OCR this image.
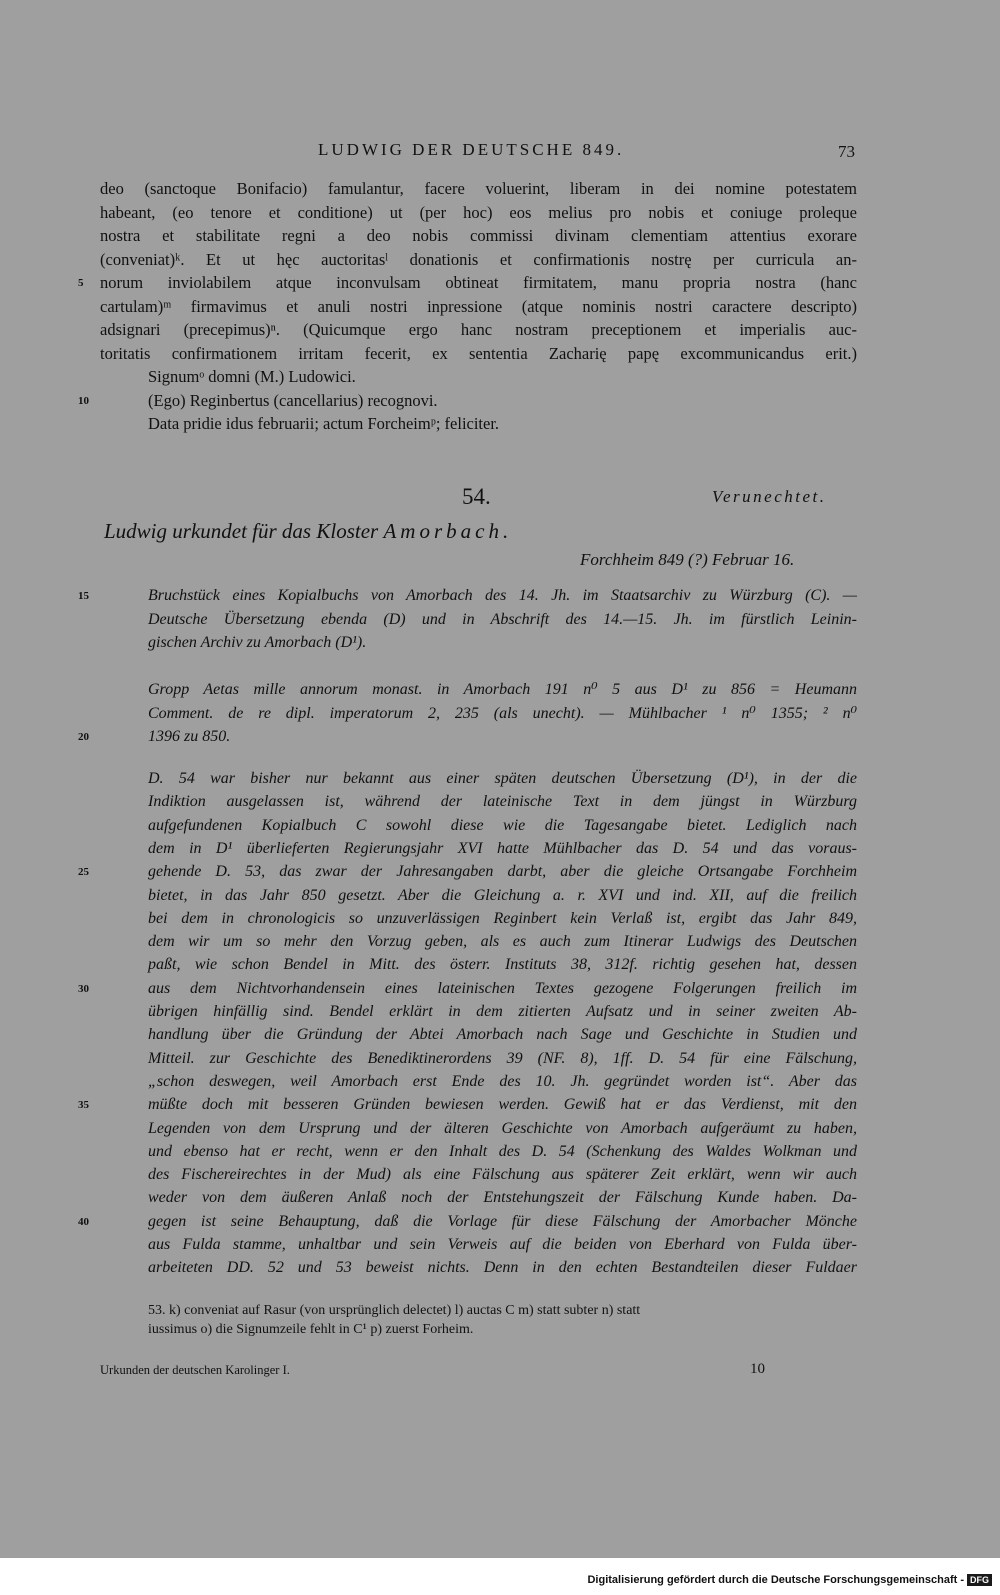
LUDWIG DER DEUTSCHE 849.	73
deo (sanctoque Bonifacio) famulantur, facere voluerint, liberam in dei nomine potestatem
habeant, (eo tenore et conditione) ut (per hoc) eos melius pro nobis et coniuge proleque
nostra et stabilitate regni a deo nobis commissi divinam clementiam attentius exorare
(conveniat)ᵏ. Et ut hęc auctoritasˡ donationis et confirmationis nostrę per curricula an-
norum inviolabilem atque inconvulsam obtineat firmitatem, manu propria nostra (hanc
5
cartulam)ᵐ firmavimus et anuli nostri inpressione (atque nominis nostri caractere descripto)
adsignari (precepimus)ⁿ. (Quicumque ergo hanc nostram preceptionem et imperialis auc-
toritatis confirmationem irritam fecerit, ex sententia Zacharię papę excommunicandus erit.)
Signumᵒ domni (M.) Ludowici.
(Ego) Reginbertus (cancellarius) recognovi.
10
Data pridie idus februarii; actum Forcheimᵖ; feliciter.
54.	Verunechtet.
Ludwig urkundet für das Kloster Amorbach.
Forchheim 849 (?) Februar 16.
Bruchstück eines Kopialbuchs von Amorbach des 14. Jh. im Staatsarchiv zu Würzburg (C). —
15
Deutsche Übersetzung ebenda (D) und in Abschrift des 14.—15. Jh. im fürstlich Leinin-
gischen Archiv zu Amorbach (D¹).
Gropp Aetas mille annorum monast. in Amorbach 191 n⁰ 5 aus D¹ zu 856 = Heumann
Comment. de re dipl. imperatorum 2, 235 (als unecht). — Mühlbacher ¹ n⁰ 1355; ² n⁰
1396 zu 850.
20
D. 54 war bisher nur bekannt aus einer späten deutschen Übersetzung (D¹), in der die
Indiktion ausgelassen ist, während der lateinische Text in dem jüngst in Würzburg
aufgefundenen Kopialbuch C sowohl diese wie die Tagesangabe bietet. Lediglich nach
dem in D¹ überlieferten Regierungsjahr XVI hatte Mühlbacher das D. 54 und das voraus-
gehende D. 53, das zwar der Jahresangaben darbt, aber die gleiche Ortsangabe Forchheim
25
bietet, in das Jahr 850 gesetzt. Aber die Gleichung a. r. XVI und ind. XII, auf die freilich
bei dem in chronologicis so unzuverlässigen Reginbert kein Verlaß ist, ergibt das Jahr 849,
dem wir um so mehr den Vorzug geben, als es auch zum Itinerar Ludwigs des Deutschen
paßt, wie schon Bendel in Mitt. des österr. Instituts 38, 312f. richtig gesehen hat, dessen
aus dem Nichtvorhandensein eines lateinischen Textes gezogene Folgerungen freilich im
30
übrigen hinfällig sind. Bendel erklärt in dem zitierten Aufsatz und in seiner zweiten Ab-
handlung über die Gründung der Abtei Amorbach nach Sage und Geschichte in Studien und
Mitteil. zur Geschichte des Benediktinerordens 39 (NF. 8), 1ff. D. 54 für eine Fälschung,
„schon deswegen, weil Amorbach erst Ende des 10. Jh. gegründet worden ist“. Aber das
müßte doch mit besseren Gründen bewiesen werden. Gewiß hat er das Verdienst, mit den
35
Legenden von dem Ursprung und der älteren Geschichte von Amorbach aufgeräumt zu haben,
und ebenso hat er recht, wenn er den Inhalt des D. 54 (Schenkung des Waldes Wolkman und
des Fischereirechtes in der Mud) als eine Fälschung aus späterer Zeit erklärt, wenn wir auch
weder von dem äußeren Anlaß noch der Entstehungszeit der Fälschung Kunde haben. Da-
gegen ist seine Behauptung, daß die Vorlage für diese Fälschung der Amorbacher Mönche
40
aus Fulda stamme, unhaltbar und sein Verweis auf die beiden von Eberhard von Fulda über-
arbeiteten DD. 52 und 53 beweist nichts. Denn in den echten Bestandteilen dieser Fuldaer
53. k) conveniat auf Rasur (von ursprünglich delectet) l) auctas C m) statt subter n) statt
iussimus o) die Signumzeile fehlt in C¹ p) zuerst Forheim.
Urkunden der deutschen Karolinger I.	10
Digitalisierung gefördert durch die Deutsche Forschungsgemeinschaft - DFG
